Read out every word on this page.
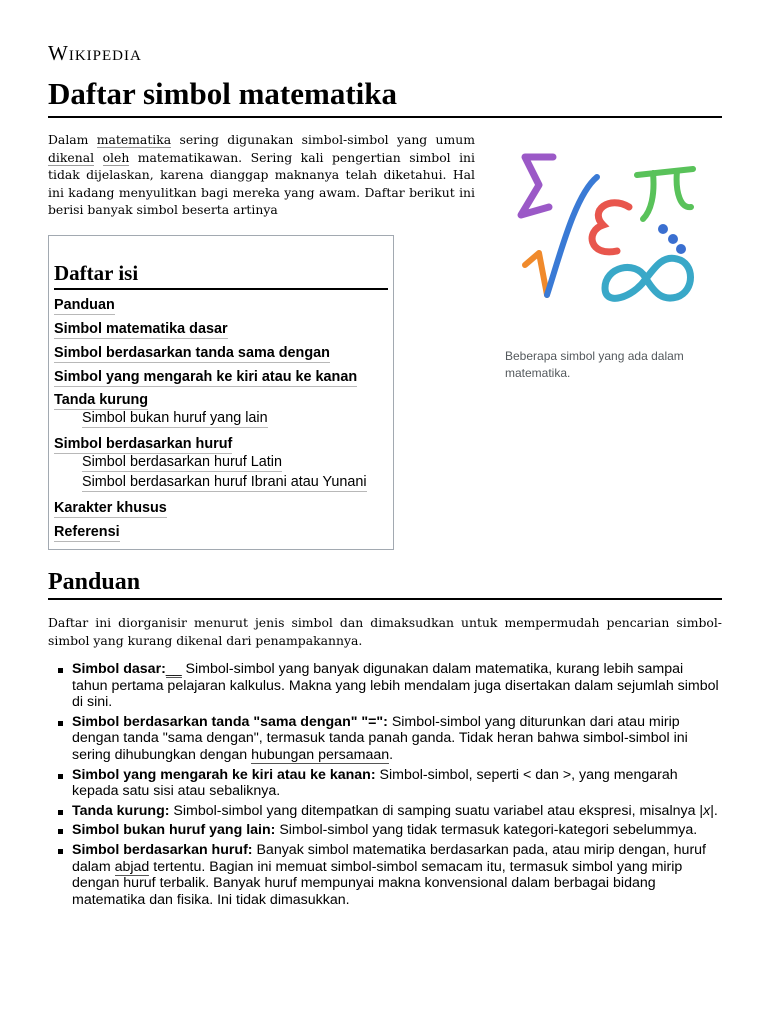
Wikipedia
Daftar simbol matematika

Dalam matematika sering digunakan simbol-simbol yang umum dikenal oleh matematikawan. Sering kali pengertian simbol ini tidak dijelaskan, karena dianggap maknanya telah diketahui. Hal ini kadang menyulitkan bagi mereka yang awam. Daftar berikut ini berisi banyak simbol beserta artinya

Daftar isi
Panduan
Simbol matematika dasar
Simbol berdasarkan tanda sama dengan
Simbol yang mengarah ke kiri atau ke kanan
Tanda kurung
Simbol bukan huruf yang lain
Simbol berdasarkan huruf
Simbol berdasarkan huruf Latin
Simbol berdasarkan huruf Ibrani atau Yunani
Karakter khusus
Referensi
Beberapa simbol yang ada dalam matematika.
Panduan

Daftar ini diorganisir menurut jenis simbol dan dimaksudkan untuk mempermudah pencarian simbol-simbol yang kurang dikenal dari penampakannya.

Simbol dasar:__ Simbol-simbol yang banyak digunakan dalam matematika, kurang lebih sampai tahun pertama pelajaran kalkulus. Makna yang lebih mendalam juga disertakan dalam sejumlah simbol di sini.
Simbol berdasarkan tanda "sama dengan" "=": Simbol-simbol yang diturunkan dari atau mirip dengan tanda "sama dengan", termasuk tanda panah ganda. Tidak heran bahwa simbol-simbol ini sering dihubungkan dengan hubungan persamaan.
Simbol yang mengarah ke kiri atau ke kanan: Simbol-simbol, seperti < dan >, yang mengarah kepada satu sisi atau sebaliknya.
Tanda kurung: Simbol-simbol yang ditempatkan di samping suatu variabel atau ekspresi, misalnya |x|.
Simbol bukan huruf yang lain: Simbol-simbol yang tidak termasuk kategori-kategori sebelummya.
Simbol berdasarkan huruf: Banyak simbol matematika berdasarkan pada, atau mirip dengan, huruf dalam abjad tertentu. Bagian ini memuat simbol-simbol semacam itu, termasuk simbol yang mirip dengan huruf terbalik. Banyak huruf mempunyai makna konvensional dalam berbagai bidang matematika dan fisika. Ini tidak dimasukkan.
